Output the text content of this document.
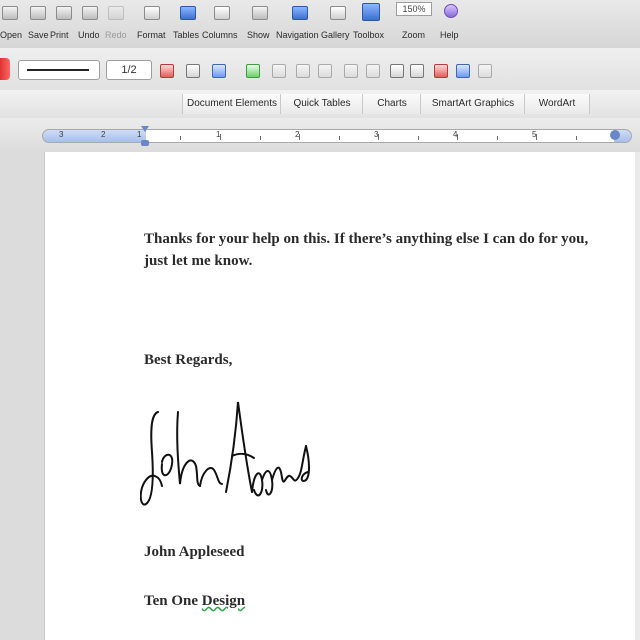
Open Save Print Undo Redo Format Tables Columns Show Navigation Gallery Toolbox
150%
Zoom Help
1/2
Document Elements	Quick Tables	Charts	SmartArt Graphics	WordArt
3	2	1	1	2	3	4	5
Thanks for your help on this. If there’s anything else I can do for you, just let me know.
Best Regards,
John Appleseed
John Appleseed
Ten One Design
